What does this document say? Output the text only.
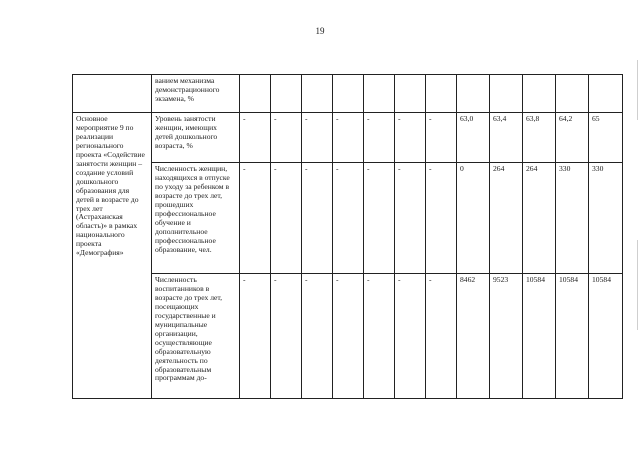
19
	ванием механизма демонстрационного экзамена, %												
Основное мероприятие 9 по реализации регионального проекта «Содействие занятости женщин – создание условий дошкольного образования для детей в возрасте до трех лет (Астраханская область)» в рамках национального проекта «Демография»	Уровень занятости женщин, имеющих детей дошкольного возраста, %	-	-	-	-	-	-	-	63,0	63,4	63,8	64,2	65
	Численность женщин, находящихся в отпуске по уходу за ребенком в возрасте до трех лет, прошедших профессиональное обучение и дополнительное профессиональное образование, чел.	-	-	-	-	-	-	-	0	264	264	330	330
	Численность воспитанников в возрасте до трех лет, посещающих государственные и муниципальные организации, осуществляющие образовательную деятельность по образовательным программам до-	-	-	-	-	-	-	-	8462	9523	10584	10584	10584
